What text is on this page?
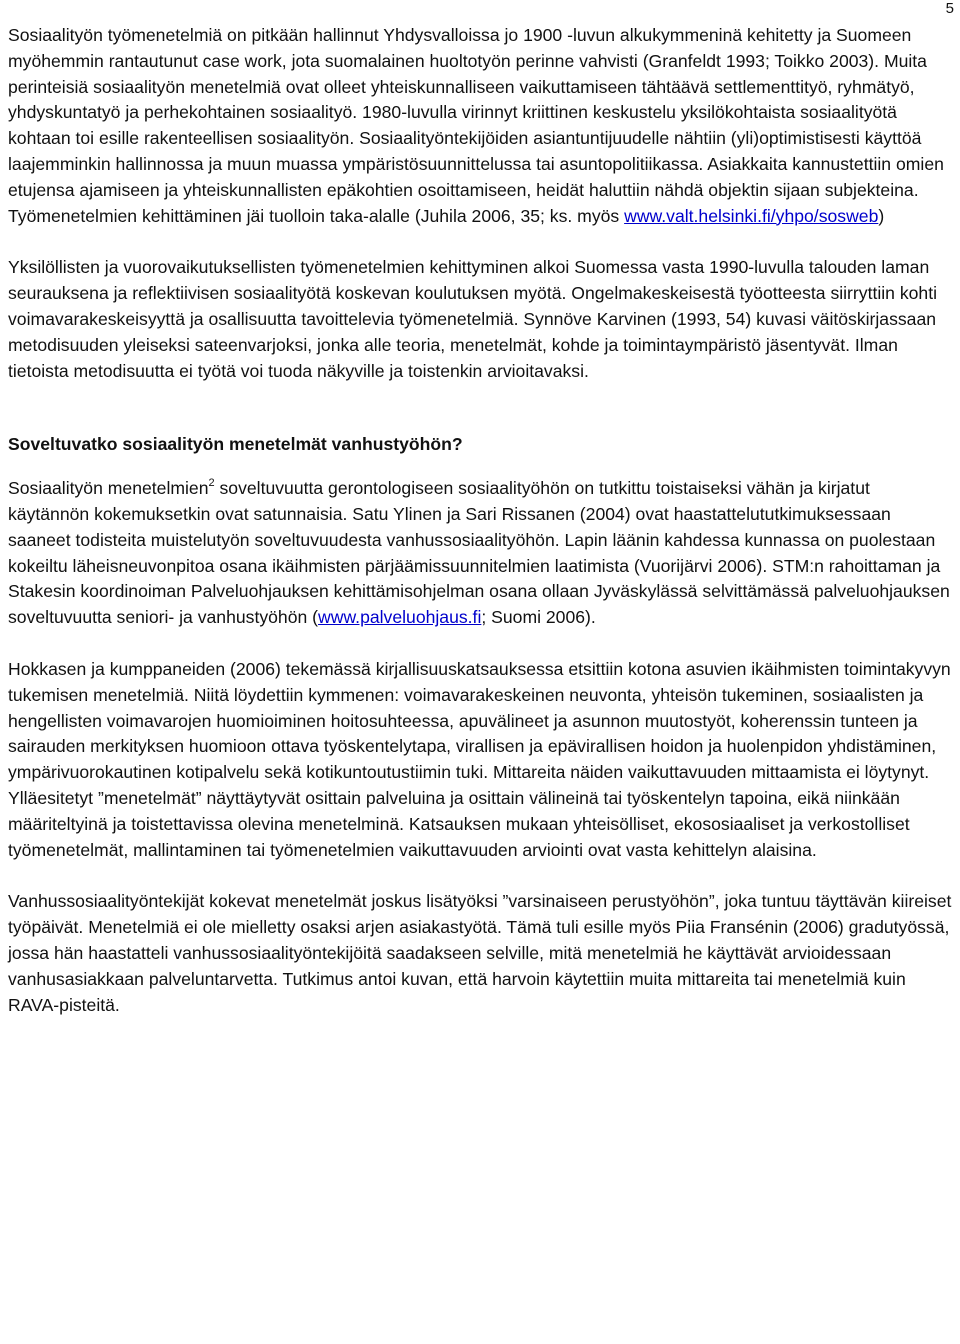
5

Sosiaalityön työmenetelmiä on pitkään hallinnut Yhdysvalloissa jo 1900 -luvun alkukymmeninä kehitetty ja Suomeen myöhemmin rantautunut case work, jota suomalainen huoltotyön perinne vahvisti (Granfeldt 1993; Toikko 2003). Muita perinteisiä sosiaalityön menetelmiä ovat olleet yhteiskunnalliseen vaikuttamiseen tähtäävä settlementtityö, ryhmätyö, yhdyskuntatyö ja perhekohtainen sosiaalityö. 1980-luvulla virinnyt kriittinen keskustelu yksilökohtaista sosiaalityötä kohtaan toi esille rakenteellisen sosiaalityön. Sosiaalityöntekijöiden asiantuntijuudelle nähtiin (yli)optimistisesti käyttöä laajemminkin hallinnossa ja muun muassa ympäristösuunnittelussa tai asuntopolitiikassa. Asiakkaita kannustettiin omien etujensa ajamiseen ja yhteiskunnallisten epäkohtien osoittamiseen, heidät haluttiin nähdä objektin sijaan subjekteina. Työmenetelmien kehittäminen jäi tuolloin taka-alalle (Juhila 2006, 35; ks. myös www.valt.helsinki.fi/yhpo/sosweb)

Yksilöllisten ja vuorovaikutuksellisten työmenetelmien kehittyminen alkoi Suomessa vasta 1990-luvulla talouden laman seurauksena ja reflektiivisen sosiaalityötä koskevan koulutuksen myötä. Ongelmakeskeisestä työotteesta siirryttiin kohti voimavarakeskeisyyttä ja osallisuutta tavoittelevia työmenetelmiä. Synnöve Karvinen (1993, 54) kuvasi väitöskirjassaan metodisuuden yleiseksi sateenvarjoksi, jonka alle teoria, menetelmät, kohde ja toimintaympäristö jäsentyvät. Ilman tietoista metodisuutta ei työtä voi tuoda näkyville ja toistenkin arvioitavaksi.

Soveltuvatko sosiaalityön menetelmät vanhustyöhön?

Sosiaalityön menetelmien$^2$ soveltuvuutta gerontologiseen sosiaalityöhön on tutkittu toistaiseksi vähän ja kirjatut käytännön kokemuksetkin ovat satunnaisia. Satu Ylinen ja Sari Rissanen (2004) ovat haastattelututkimuksessaan saaneet todisteita muistelutyön soveltuvuudesta vanhussosiaalityöhön. Lapin läänin kahdessa kunnassa on puolestaan kokeiltu läheisneuvonpitoa osana ikäihmisten pärjäämissuunnitelmien laatimista (Vuorijärvi 2006). STM:n rahoittaman ja Stakesin koordinoiman Palveluohjauksen kehittämisohjelman osana ollaan Jyväskylässä selvittämässä palveluohjauksen soveltuvuutta seniori- ja vanhustyöhön (www.palveluohjaus.fi; Suomi 2006).

Hokkasen ja kumppaneiden (2006) tekemässä kirjallisuuskatsauksessa etsittiin kotona asuvien ikäihmisten toimintakyvyn tukemisen menetelmiä. Niitä löydettiin kymmenen: voimavarakeskeinen neuvonta, yhteisön tukeminen, sosiaalisten ja hengellisten voimavarojen huomioiminen hoitosuhteessa, apuvälineet ja asunnon muutostyöt, koherenssin tunteen ja sairauden merkityksen huomioon ottava työskentelytapa, virallisen ja epävirallisen hoidon ja huolenpidon yhdistäminen, ympärivuorokautinen kotipalvelu sekä kotikuntoutustiimin tuki. Mittareita näiden vaikuttavuuden mittaamista ei löytynyt. Ylläesitetyt ”menetelmät” näyttäytyvät osittain palveluina ja osittain välineinä tai työskentelyn tapoina, eikä niinkään määriteltyinä ja toistettavissa olevina menetelminä. Katsauksen mukaan yhteisölliset, ekososiaaliset ja verkostolliset työmenetelmät, mallintaminen tai työmenetelmien vaikuttavuuden arviointi ovat vasta kehittelyn alaisina.

Vanhussosiaalityöntekijät kokevat menetelmät joskus lisätyöksi ”varsinaiseen perustyöhön”, joka tuntuu täyttävän kiireiset työpäivät. Menetelmiä ei ole mielletty osaksi arjen asiakastyötä. Tämä tuli esille myös Piia Fransénin (2006) gradutyössä, jossa hän haastatteli vanhussosiaalityöntekijöitä saadakseen selville, mitä menetelmiä he käyttävät arvioidessaan vanhusasiakkaan palveluntarvetta. Tutkimus antoi kuvan, että harvoin käytettiin muita mittareita tai menetelmiä kuin RAVA-pisteitä.
